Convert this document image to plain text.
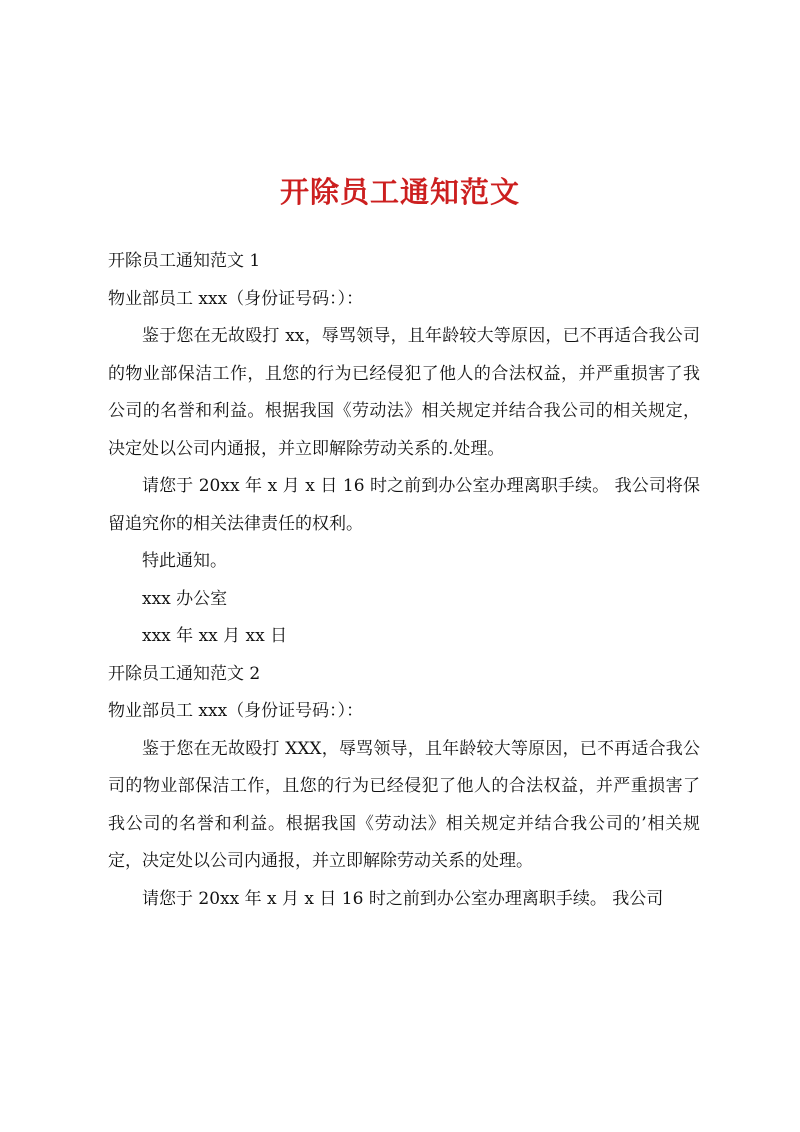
开除员工通知范文

开除员工通知范文 1

物业部员工 xxx（身份证号码：）：

鉴于您在无故殴打 xx，辱骂领导，且年龄较大等原因，已不再适合我公司的物业部保洁工作，且您的行为已经侵犯了他人的合法权益，并严重损害了我公司的名誉和利益。根据我国《劳动法》相关规定并结合我公司的相关规定，决定处以公司内通报，并立即解除劳动关系的.处理。

请您于 20xx 年 x 月 x 日 16 时之前到办公室办理离职手续。 我公司将保留追究你的相关法律责任的权利。

特此通知。

xxx 办公室

xxx 年 xx 月 xx 日

开除员工通知范文 2

物业部员工 xxx（身份证号码：）：

鉴于您在无故殴打 XXX，辱骂领导，且年龄较大等原因，已不再适合我公司的物业部保洁工作，且您的行为已经侵犯了他人的合法权益，并严重损害了我公司的名誉和利益。根据我国《劳动法》相关规定并结合我公司的’相关规定，决定处以公司内通报，并立即解除劳动关系的处理。

请您于 20xx 年 x 月 x 日 16 时之前到办公室办理离职手续。 我公司
